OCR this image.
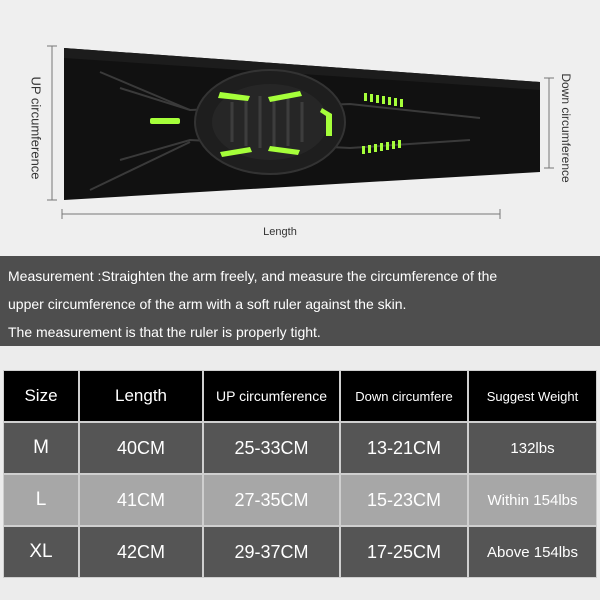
UP circumference	Down circumference
Length
Measurement :Straighten the arm freely, and measure the circumference of the
upper circumference of the arm with a soft ruler against the skin.
The measurement is that the ruler is properly tight.
Size	Length	UP circumference	Down circumfere	Suggest Weight
M	40CM	25-33CM	13-21CM	132lbs
L	41CM	27-35CM	15-23CM	Within 154lbs
XL	42CM	29-37CM	17-25CM	Above 154lbs
